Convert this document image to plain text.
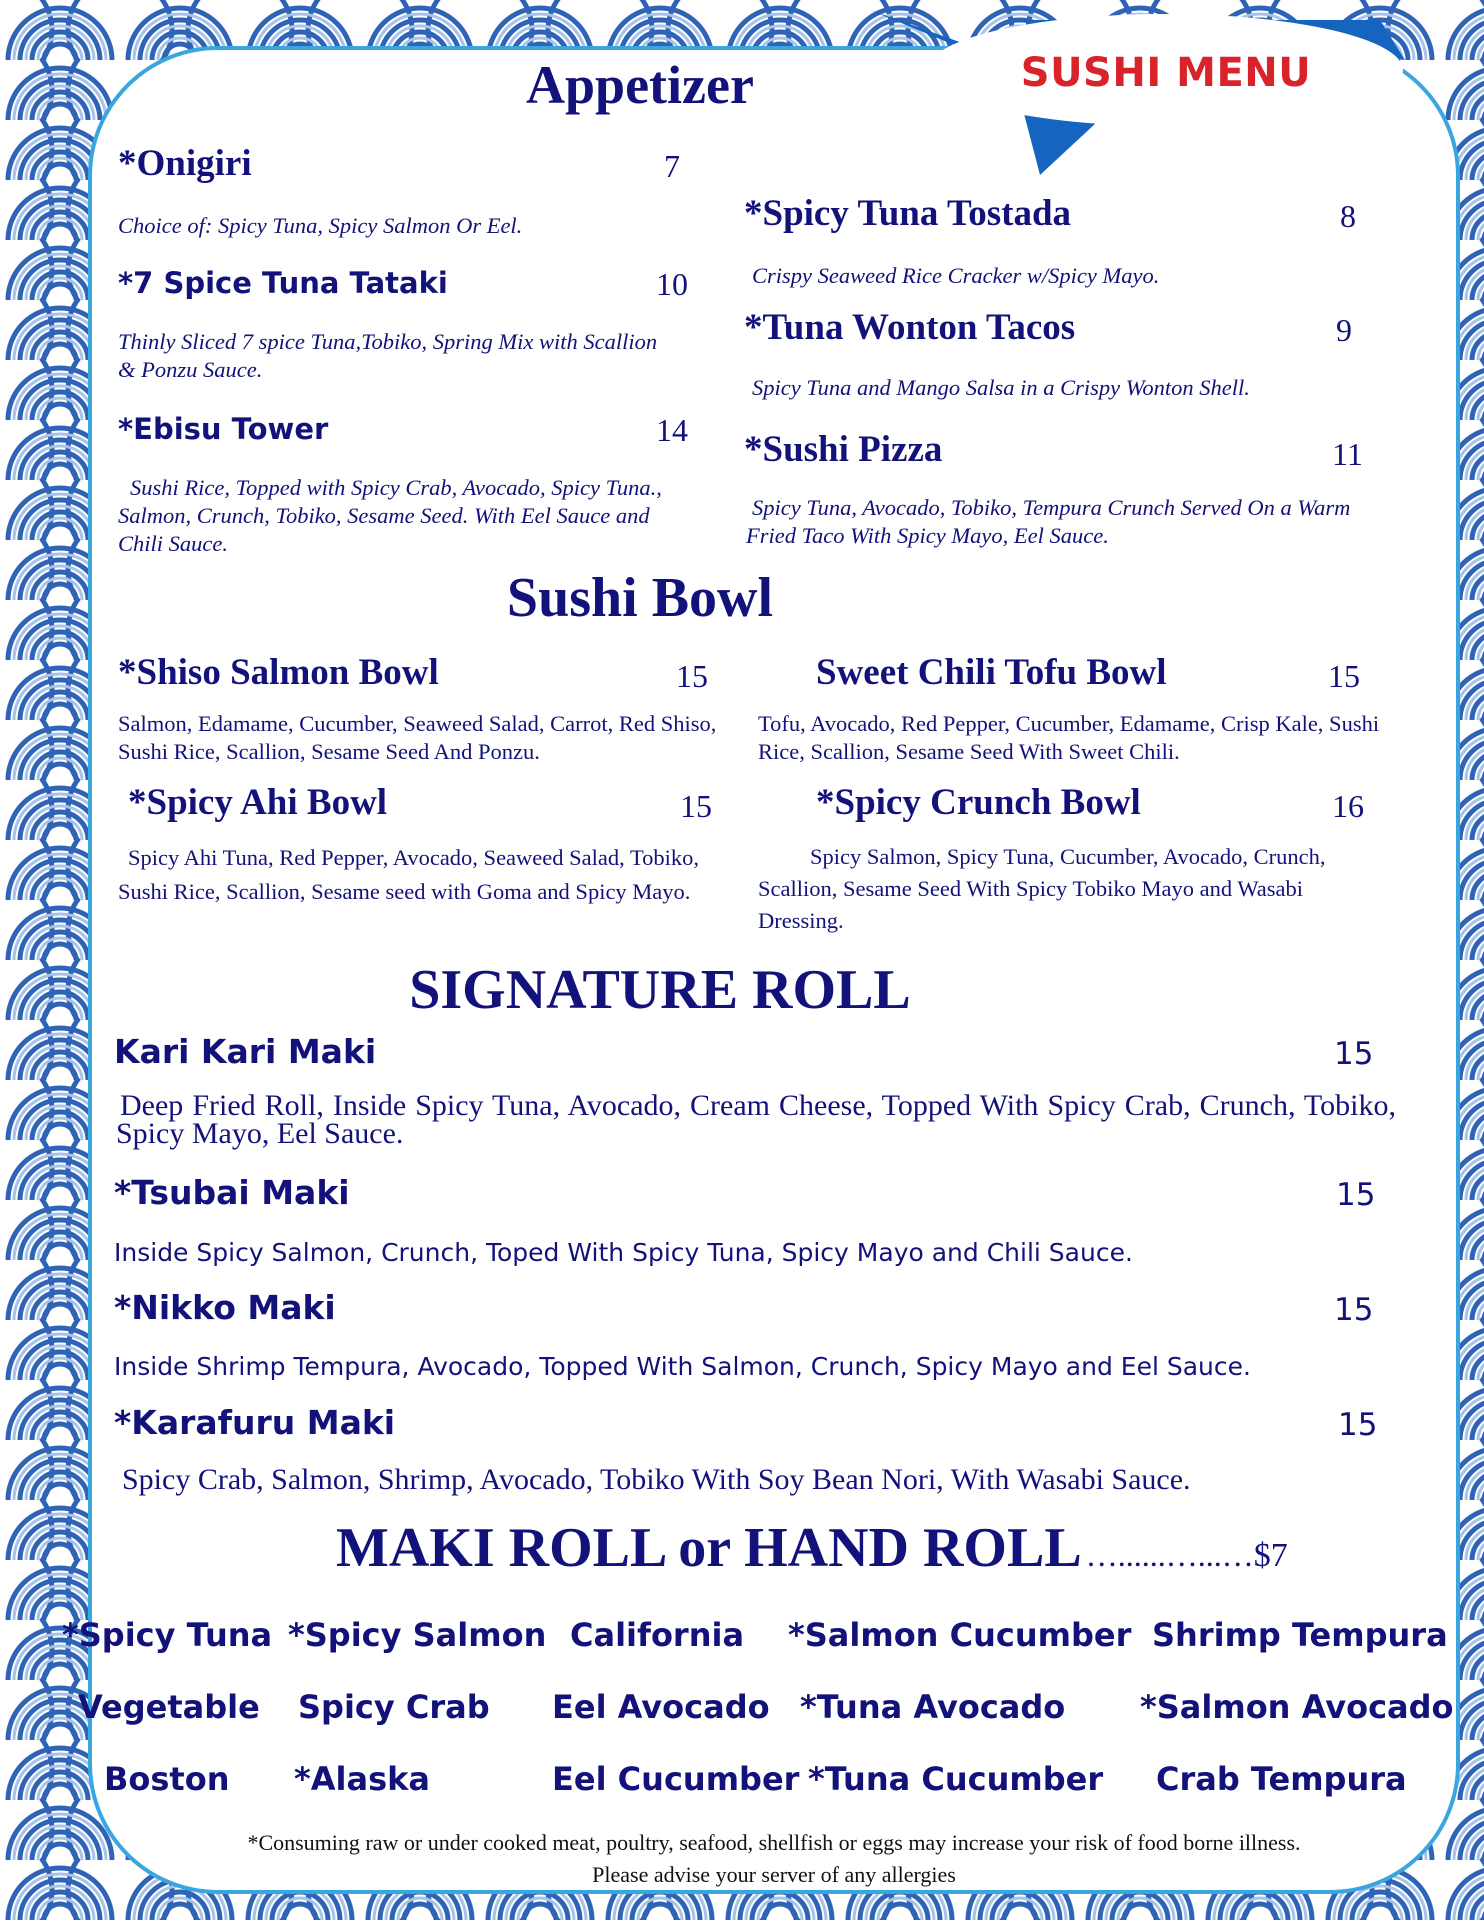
SUSHI MENU
Appetizer
*Onigiri	7
Choice of: Spicy Tuna, Spicy Salmon Or Eel.
*7 Spice Tuna Tataki	10
Thinly Sliced 7 spice Tuna,Tobiko, Spring Mix with Scallion & Ponzu Sauce.
*Ebisu Tower	14
Sushi Rice, Topped with Spicy Crab, Avocado, Spicy Tuna., Salmon, Crunch, Tobiko, Sesame Seed. With Eel Sauce and Chili Sauce.
*Spicy Tuna Tostada	8
Crispy Seaweed Rice Cracker w/Spicy Mayo.
*Tuna Wonton Tacos	9
Spicy Tuna and Mango Salsa in a Crispy Wonton Shell.
*Sushi Pizza	11
Spicy Tuna, Avocado, Tobiko, Tempura Crunch Served On a Warm Fried Taco With Spicy Mayo, Eel Sauce.
Sushi Bowl
*Shiso Salmon Bowl	15
Salmon, Edamame, Cucumber, Seaweed Salad, Carrot, Red Shiso, Sushi Rice, Scallion, Sesame Seed And Ponzu.
Sweet Chili Tofu Bowl	15
Tofu, Avocado, Red Pepper, Cucumber, Edamame, Crisp Kale, Sushi Rice, Scallion, Sesame Seed With Sweet Chili.
*Spicy Ahi Bowl	15
Spicy Ahi Tuna, Red Pepper, Avocado, Seaweed Salad, Tobiko, Sushi Rice, Scallion, Sesame seed with Goma and Spicy Mayo.
*Spicy Crunch Bowl	16
Spicy Salmon, Spicy Tuna, Cucumber, Avocado, Crunch, Scallion, Sesame Seed With Spicy Tobiko Mayo and Wasabi Dressing.
SIGNATURE ROLL
Kari Kari Maki	15
Deep Fried Roll, Inside Spicy Tuna, Avocado, Cream Cheese, Topped With Spicy Crab, Crunch, Tobiko, Spicy Mayo, Eel Sauce.
*Tsubai Maki	15
Inside Spicy Salmon, Crunch, Toped With Spicy Tuna, Spicy Mayo and Chili Sauce.
*Nikko Maki	15
Inside Shrimp Tempura, Avocado, Topped With Salmon, Crunch, Spicy Mayo and Eel Sauce.
*Karafuru Maki	15
Spicy Crab, Salmon, Shrimp, Avocado, Tobiko With Soy Bean Nori, With Wasabi Sauce.
MAKI ROLL or HAND ROLL …......…...…$7
*Spicy Tuna *Spicy Salmon California *Salmon Cucumber Shrimp Tempura
Vegetable Spicy Crab Eel Avocado *Tuna Avocado *Salmon Avocado
Boston *Alaska	Eel Cucumber *Tuna Cucumber Crab Tempura
*Consuming raw or under cooked meat, poultry, seafood, shellfish or eggs may increase your risk of food borne illness.
Please advise your server of any allergies
